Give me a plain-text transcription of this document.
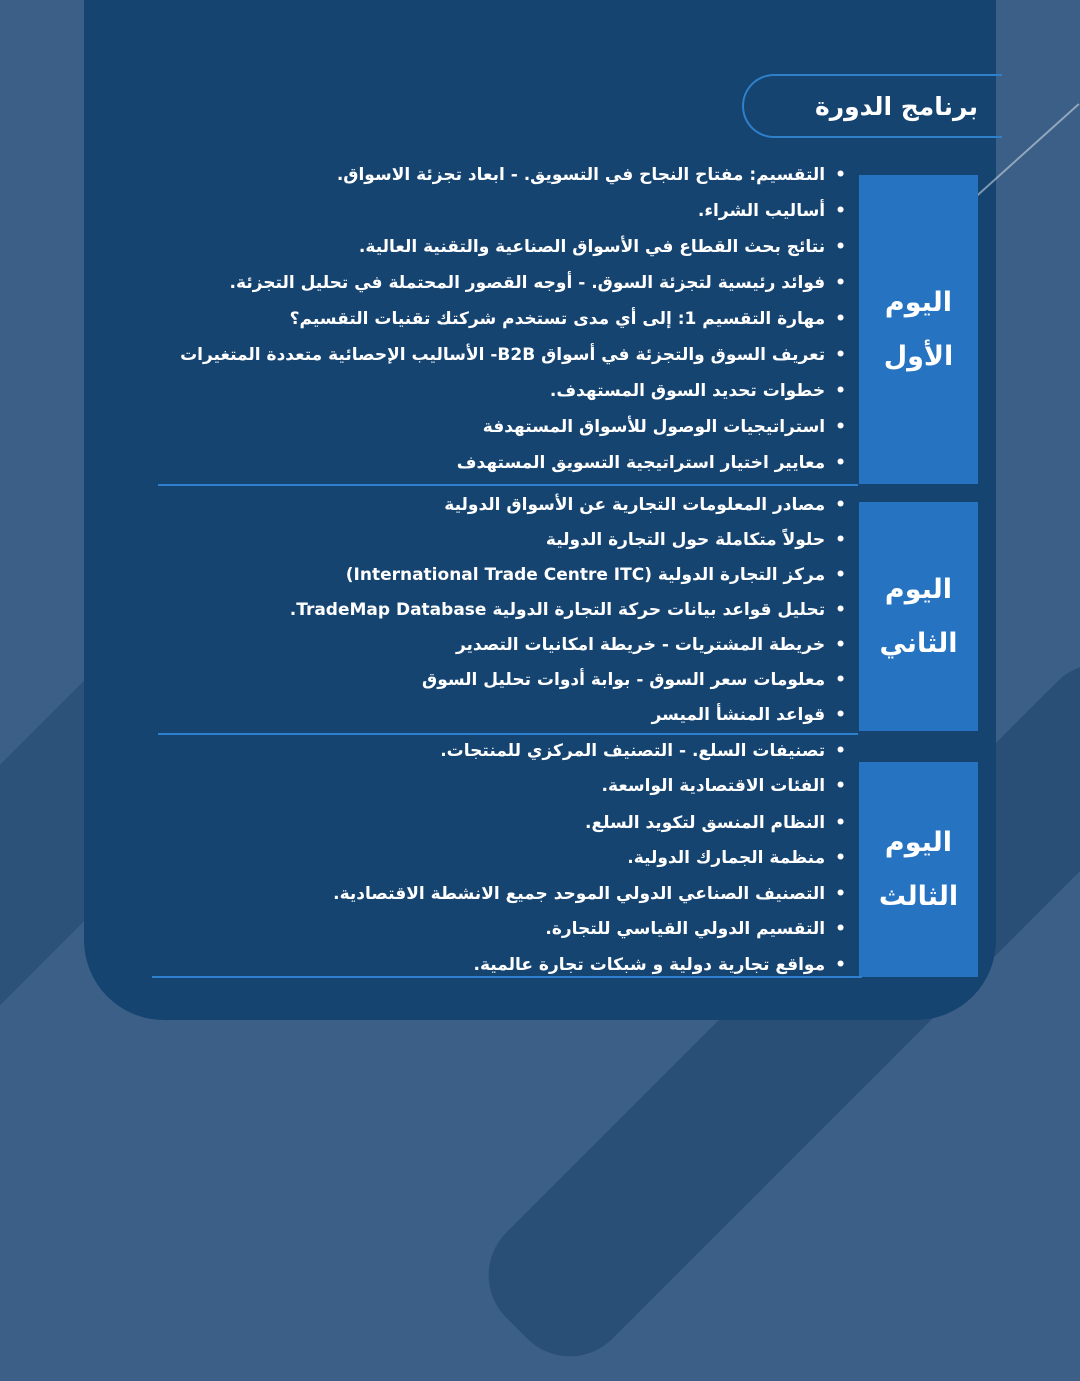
برنامج الدورة
اليوم
الأول
•التقسيم: مفتاح النجاح في التسويق. - ابعاد تجزئة الاسواق.
•أساليب الشراء.
•نتائج بحث القطاع في الأسواق الصناعية والتقنية العالية.
•فوائد رئيسية لتجزئة السوق. - أوجه القصور المحتملة في تحليل التجزئة.
•مهارة التقسيم 1: إلى أي مدى تستخدم شركتك تقنيات التقسيم؟
•تعريف السوق والتجزئة في أسواق B2B- الأساليب الإحصائية متعددة المتغيرات
•خطوات تحديد السوق المستهدف.
•استراتيجيات الوصول للأسواق المستهدفة
•معايير اختيار استراتيجية التسويق المستهدف
اليوم
الثاني
•مصادر المعلومات التجارية عن الأسواق الدولية
•حلولاً متكاملة حول التجارة الدولية
•مركز التجارة الدولية (International Trade Centre ITC)
•تحليل قواعد بيانات حركة التجارة الدولية TradeMap Database.
•خريطة المشتريات - خريطة امكانيات التصدير
•معلومات سعر السوق - بوابة أدوات تحليل السوق
•قواعد المنشأ الميسر
اليوم
الثالث
•تصنيفات السلع. - التصنيف المركزي للمنتجات.
•الفئات الاقتصادية الواسعة.
•النظام المنسق لتكويد السلع.
•منظمة الجمارك الدولية.
•التصنيف الصناعي الدولي الموحد جميع الانشطة الاقتصادية.
•التقسيم الدولي القياسي للتجارة.
•مواقع تجارية دولية و شبكات تجارة عالمية.
